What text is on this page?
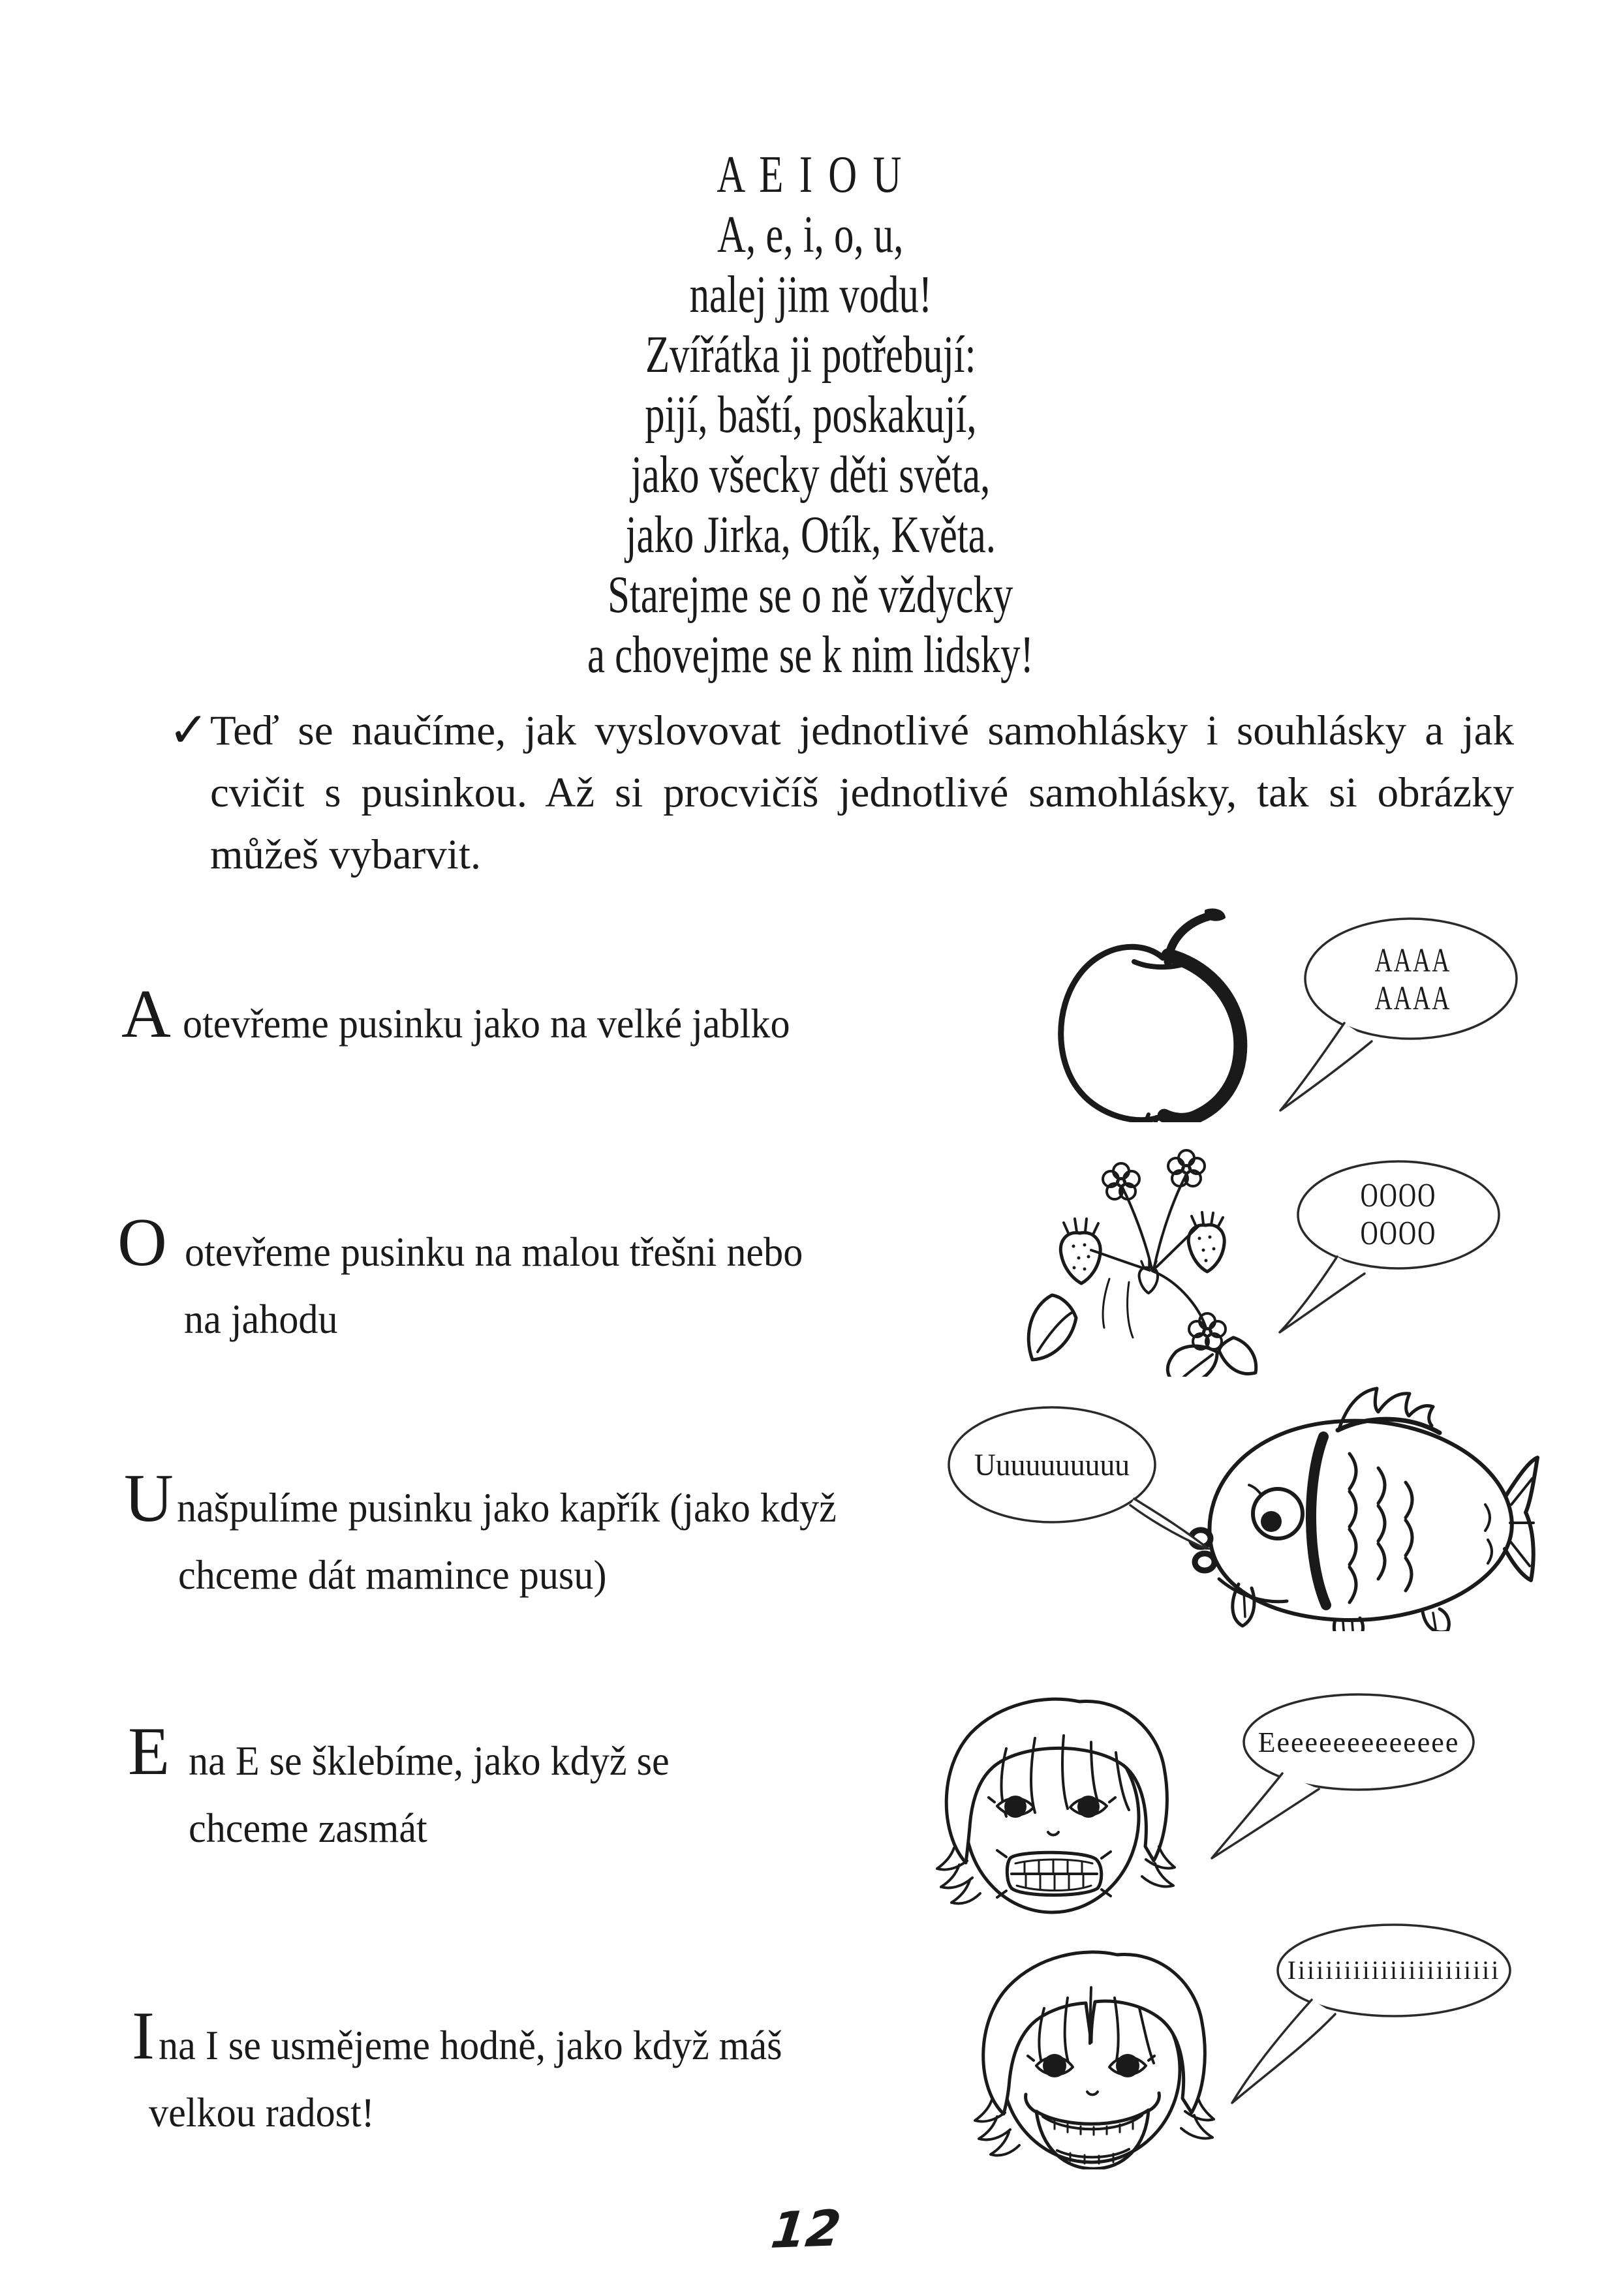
A E I O U
A, e, i, o, u,
nalej jim vodu!
Zvířátka ji potřebují:
pijí, baští, poskakují,
jako všecky děti světa,
jako Jirka, Otík, Květa.
Starejme se o ně vždycky
a chovejme se k nim lidsky!
✓ Teď se naučíme, jak vyslovovat jednotlivé samohlásky i souhlásky a jak
cvičit s pusinkou. Až si procvičíš jednotlivé samohlásky, tak si obrázky
můžeš vybarvit.
A otevřeme pusinku jako na velké jablko
AAAA
AAAA
O otevřeme pusinku na malou třešni nebo
na jahodu
OOOO
OOOO
U našpulíme pusinku jako kapřík (jako když
chceme dát mamince pusu)
Uuuuuuuuuu
E na E se šklebíme, jako když se
chceme zasmát
Eeeeeeeeeeeeee
I na I se usmějeme hodně, jako když máš
velkou radost!
Iiiiiiiiiiiiiiiiiiiiiii
12
